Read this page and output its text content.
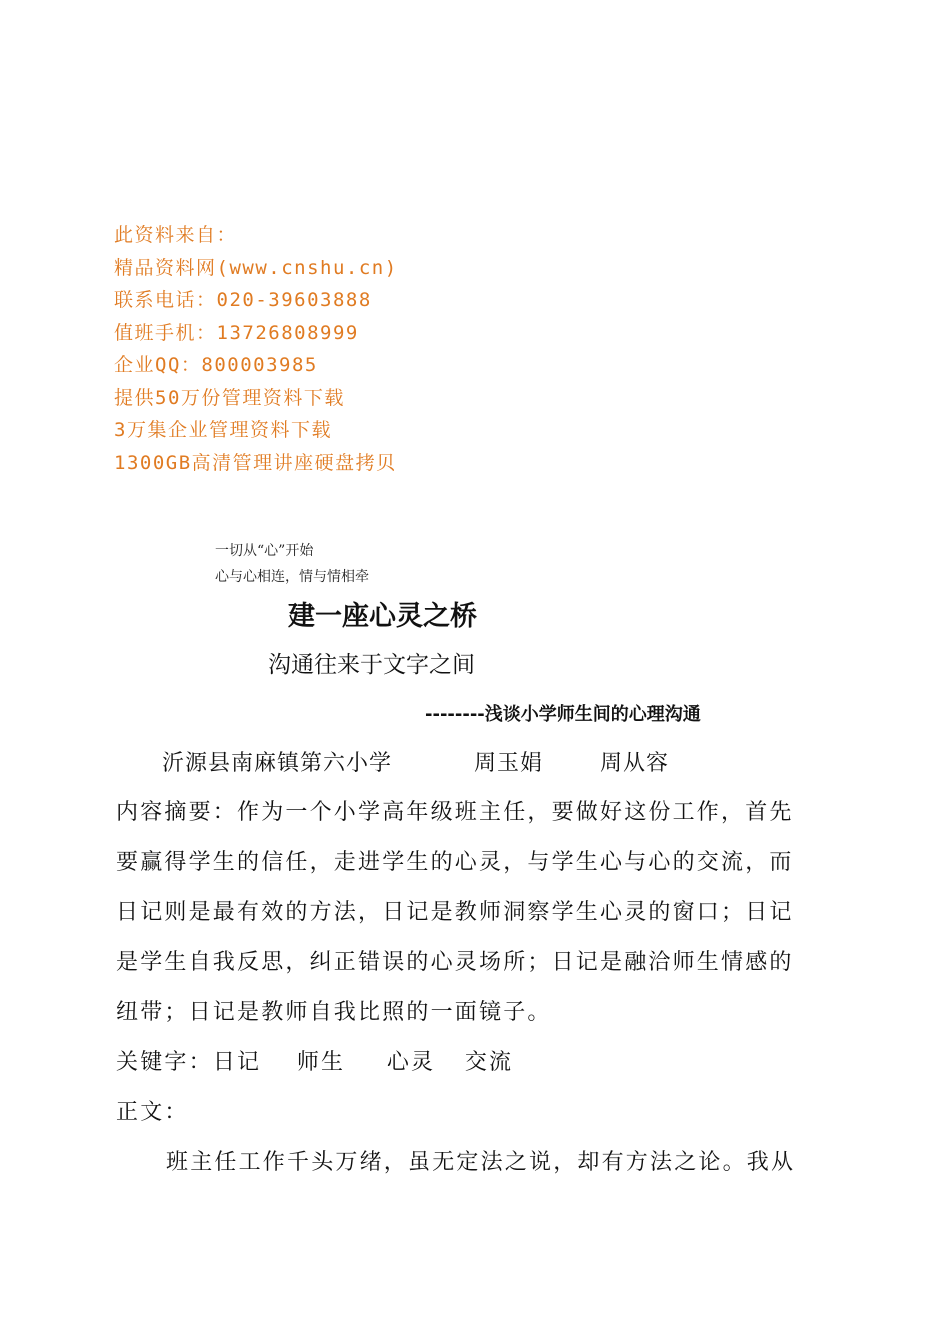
此资料来自：
精品资料网(www.cnshu.cn)
联系电话：020-39603888
值班手机：13726808999
企业QQ：800003985
提供50万份管理资料下载
3万集企业管理资料下载
1300GB高清管理讲座硬盘拷贝
一切从“心”开始
心与心相连，情与情相牵
建一座心灵之桥
沟通往来于文字之间
--------浅谈小学师生间的心理沟通
沂源县南麻镇第六小学	周玉娟	周从容
内容摘要：作为一个小学高年级班主任，要做好这份工作，首先
要赢得学生的信任，走进学生的心灵，与学生心与心的交流，而
日记则是最有效的方法，日记是教师洞察学生心灵的窗口；日记
是学生自我反思，纠正错误的心灵场所；日记是融洽师生情感的
纽带；日记是教师自我比照的一面镜子。
关键字：日记 师生 心灵 交流
正文：
班主任工作千头万绪，虽无定法之说，却有方法之论。我从
